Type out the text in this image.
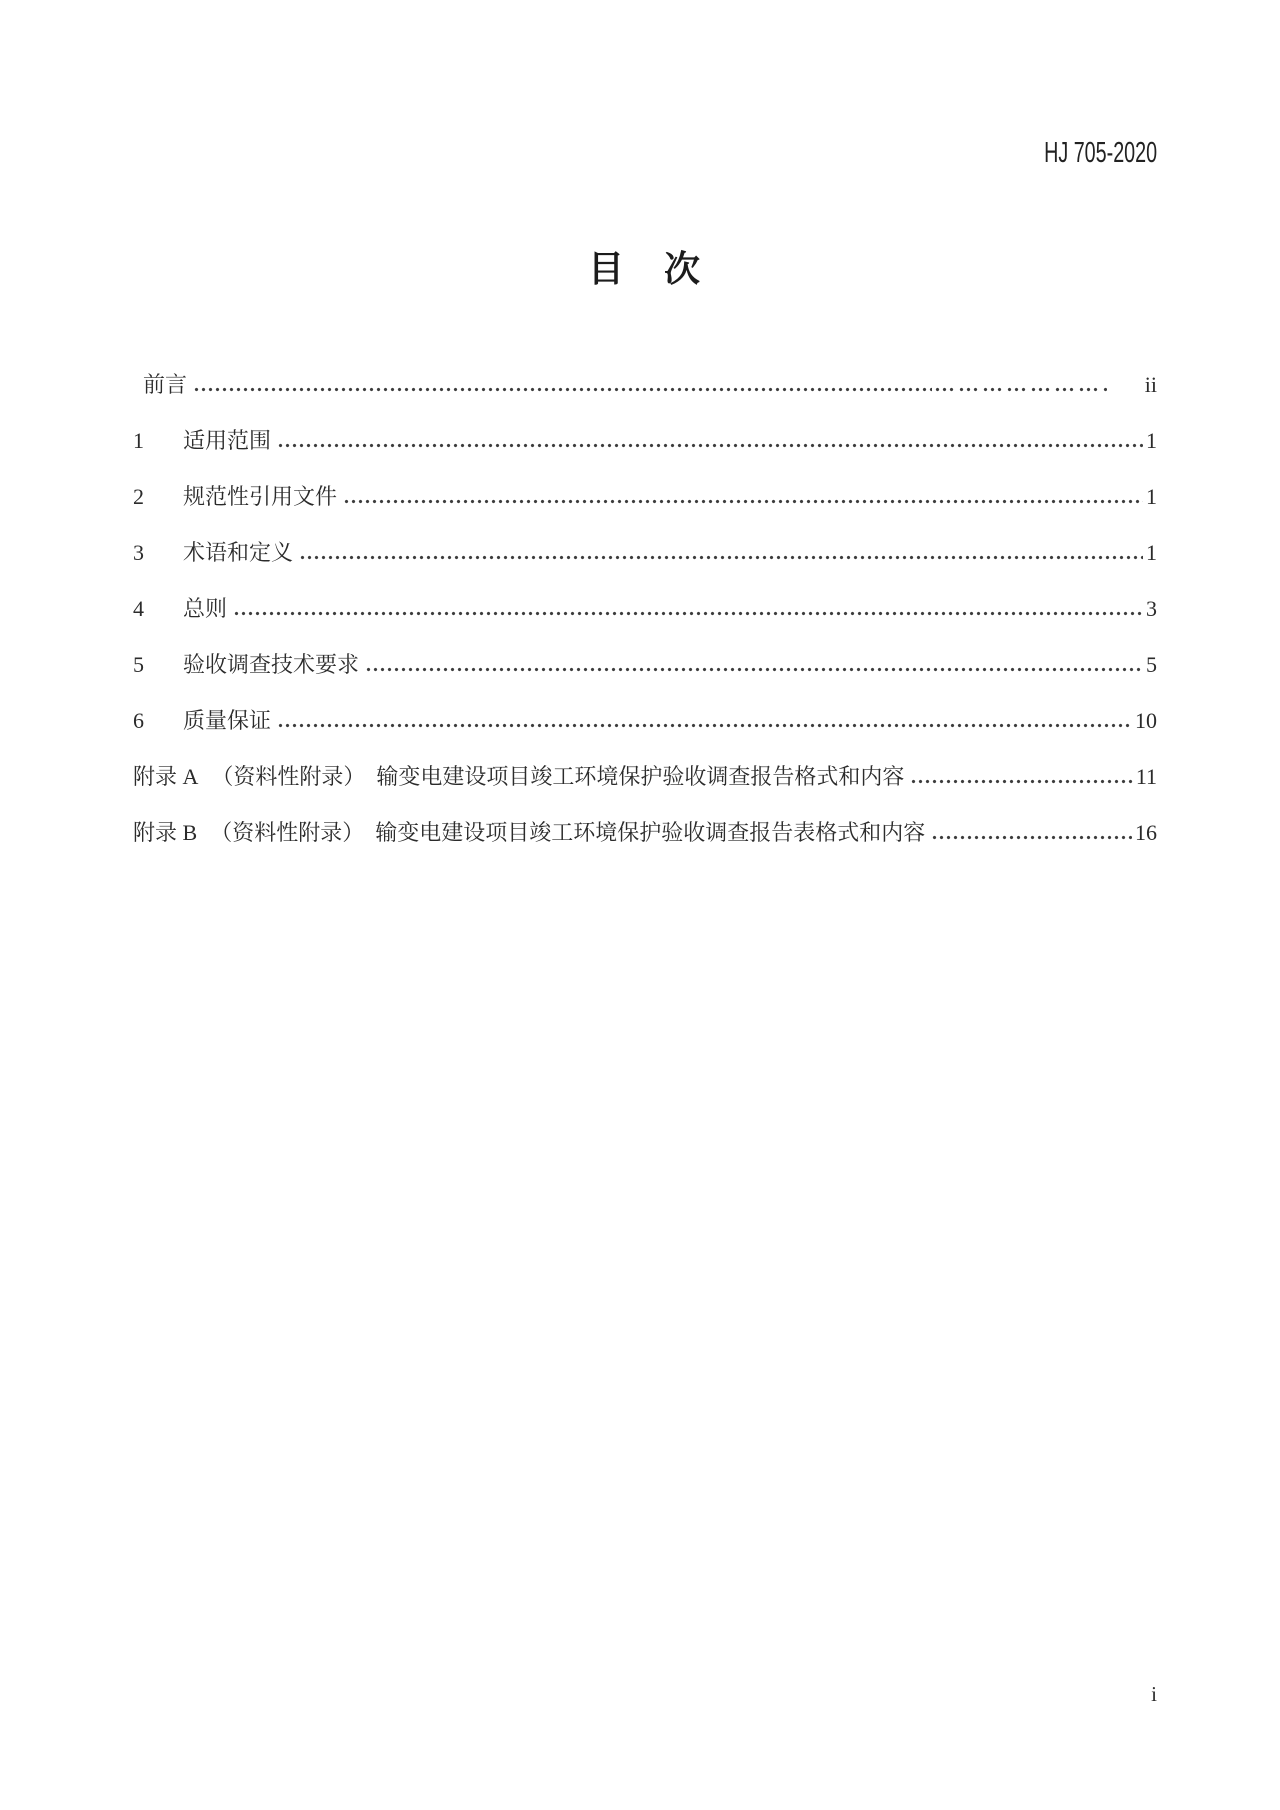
HJ 705-2020
目　次
前言	ii
1	适用范围	1
2	规范性引用文件	1
3	术语和定义	1
4	总则	3
5	验收调查技术要求	5
6	质量保证	10
附录 A （资料性附录）　输变电建设项目竣工环境保护验收调查报告格式和内容	11
附录 B （资料性附录）　输变电建设项目竣工环境保护验收调查报告表格式和内容	16
i
